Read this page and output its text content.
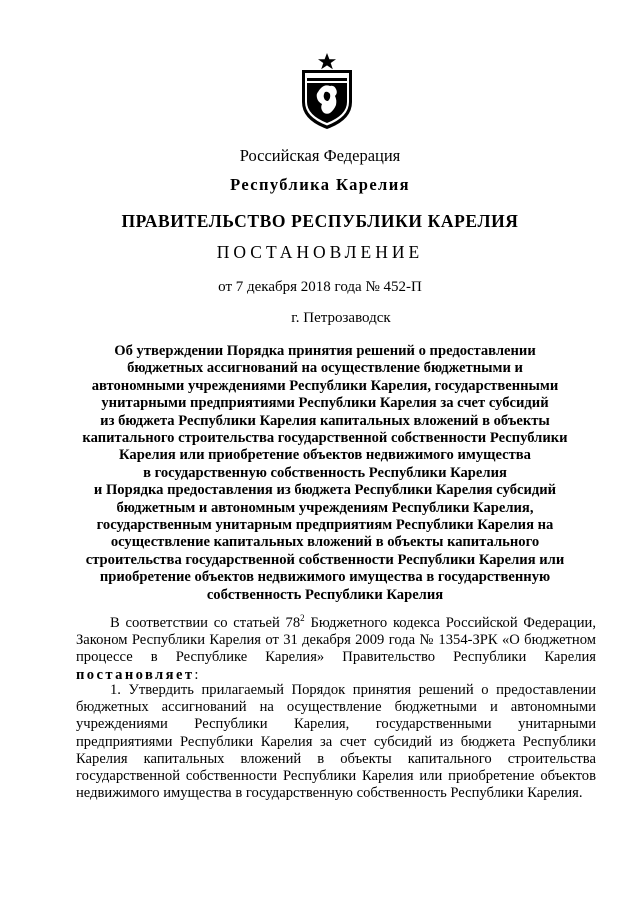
Российская Федерация
Республика Карелия
ПРАВИТЕЛЬСТВО РЕСПУБЛИКИ КАРЕЛИЯ
ПОСТАНОВЛЕНИЕ
от 7 декабря 2018 года № 452-П
г. Петрозаводск
Об утверждении Порядка принятия решений о предоставлении
бюджетных ассигнований на осуществление бюджетными и
автономными учреждениями Республики Карелия, государственными
унитарными предприятиями Республики Карелия за счет субсидий
из бюджета Республики Карелия капитальных вложений в объекты
капитального строительства государственной собственности Республики
Карелия или приобретение объектов недвижимого имущества
в государственную собственность Республики Карелия
и Порядка предоставления из бюджета Республики Карелия субсидий
бюджетным и автономным учреждениям Республики Карелия,
государственным унитарным предприятиям Республики Карелия на
осуществление капитальных вложений в объекты капитального
строительства государственной собственности Республики Карелия или
приобретение объектов недвижимого имущества в государственную
собственность Республики Карелия
В соответствии со статьей $78^2$ Бюджетного кодекса Российской Федерации, Законом Республики Карелия от 31 декабря 2009 года № 1354-ЗРК «О бюджетном процессе в Республике Карелия» Правительство Республики Карелия постановляет:
1. Утвердить прилагаемый Порядок принятия решений о предоставлении бюджетных ассигнований на осуществление бюджетными и автономными учреждениями Республики Карелия, государственными унитарными предприятиями Республики Карелия за счет субсидий из бюджета Республики Карелия капитальных вложений в объекты капитального строительства государственной собственности Республики Карелия или приобретение объектов недвижимого имущества в государственную собственность Республики Карелия.
